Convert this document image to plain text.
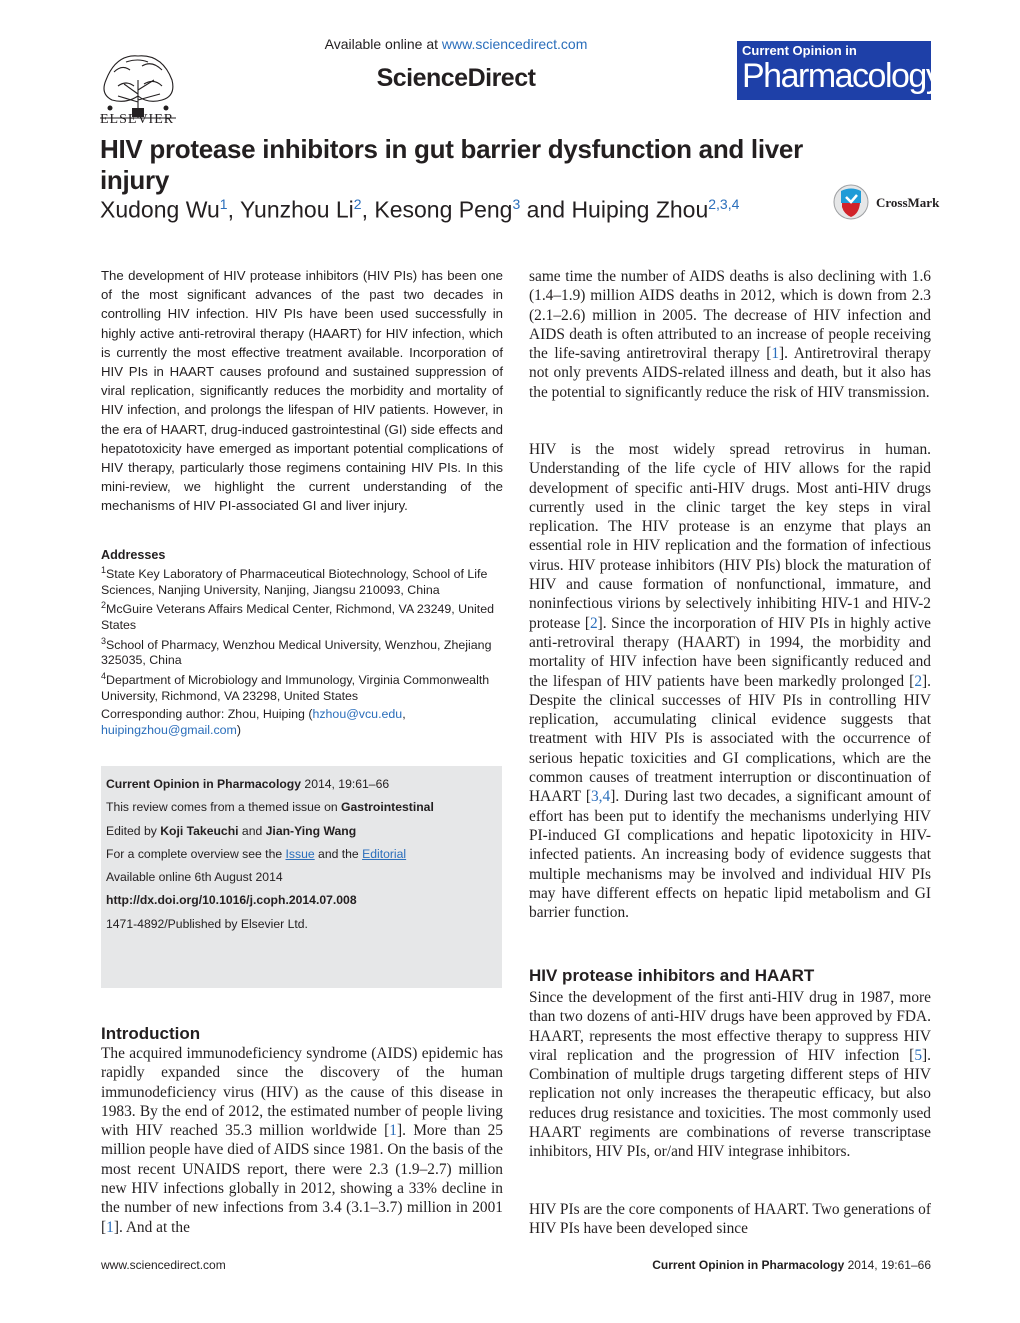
ELSEVIER
Available online at www.sciencedirect.com
ScienceDirect
Current Opinion in
Pharmacology
HIV protease inhibitors in gut barrier dysfunction and liver injury
Xudong Wu$^1$, Yunzhou Li$^2$, Kesong Peng$^3$ and Huiping Zhou$^{2,3,4}$	CrossMark
The development of HIV protease inhibitors (HIV PIs) has been one of the most significant advances of the past two decades in controlling HIV infection. HIV PIs have been used successfully in highly active anti-retroviral therapy (HAART) for HIV infection, which is currently the most effective treatment available. Incorporation of HIV PIs in HAART causes profound and sustained suppression of viral replication, significantly reduces the morbidity and mortality of HIV infection, and prolongs the lifespan of HIV patients. However, in the era of HAART, drug-induced gastrointestinal (GI) side effects and hepatotoxicity have emerged as important potential complications of HIV therapy, particularly those regimens containing HIV PIs. In this mini-review, we highlight the current understanding of the mechanisms of HIV PI-associated GI and liver injury.
Addresses

$^1$State Key Laboratory of Pharmaceutical Biotechnology, School of Life Sciences, Nanjing University, Nanjing, Jiangsu 210093, China

$^2$McGuire Veterans Affairs Medical Center, Richmond, VA 23249, United States

$^3$School of Pharmacy, Wenzhou Medical University, Wenzhou, Zhejiang 325035, China

$^4$Department of Microbiology and Immunology, Virginia Commonwealth University, Richmond, VA 23298, United States

Corresponding author: Zhou, Huiping (hzhou@vcu.edu,
huipingzhou@gmail.com)
Current Opinion in Pharmacology 2014, 19:61–66
This review comes from a themed issue on Gastrointestinal
Edited by Koji Takeuchi and Jian-Ying Wang
For a complete overview see the Issue and the Editorial
Available online 6th August 2014
http://dx.doi.org/10.1016/j.coph.2014.07.008
1471-4892/Published by Elsevier Ltd.
Introduction
The acquired immunodeficiency syndrome (AIDS) epidemic has rapidly expanded since the discovery of the human immunodeficiency virus (HIV) as the cause of this disease in 1983. By the end of 2012, the estimated number of people living with HIV reached 35.3 million worldwide [1]. More than 25 million people have died of AIDS since 1981. On the basis of the most recent UNAIDS report, there were 2.3 (1.9–2.7) million new HIV infections globally in 2012, showing a 33% decline in the number of new infections from 3.4 (3.1–3.7) million in 2001 [1]. And at the
same time the number of AIDS deaths is also declining with 1.6 (1.4–1.9) million AIDS deaths in 2012, which is down from 2.3 (2.1–2.6) million in 2005. The decrease of HIV infection and AIDS death is often attributed to an increase of people receiving the life-saving antiretroviral therapy [1]. Antiretroviral therapy not only prevents AIDS-related illness and death, but it also has the potential to significantly reduce the risk of HIV transmission.
HIV is the most widely spread retrovirus in human. Understanding of the life cycle of HIV allows for the rapid development of specific anti-HIV drugs. Most anti-HIV drugs currently used in the clinic target the key steps in viral replication. The HIV protease is an enzyme that plays an essential role in HIV replication and the formation of infectious virus. HIV protease inhibitors (HIV PIs) block the maturation of HIV and cause formation of nonfunctional, immature, and noninfectious virions by selectively inhibiting HIV-1 and HIV-2 protease [2]. Since the incorporation of HIV PIs in highly active anti-retroviral therapy (HAART) in 1994, the morbidity and mortality of HIV infection have been significantly reduced and the lifespan of HIV patients have been markedly prolonged [2]. Despite the clinical successes of HIV PIs in controlling HIV replication, accumulating clinical evidence suggests that treatment with HIV PIs is associated with the occurrence of serious hepatic toxicities and GI complications, which are the common causes of treatment interruption or discontinuation of HAART [3,4]. During last two decades, a significant amount of effort has been put to identify the mechanisms underlying HIV PI-induced GI complications and hepatic lipotoxicity in HIV-infected patients. An increasing body of evidence suggests that multiple mechanisms may be involved and individual HIV PIs may have different effects on hepatic lipid metabolism and GI barrier function.
HIV protease inhibitors and HAART
Since the development of the first anti-HIV drug in 1987, more than two dozens of anti-HIV drugs have been approved by FDA. HAART, represents the most effective therapy to suppress HIV viral replication and the progression of HIV infection [5]. Combination of multiple drugs targeting different steps of HIV replication not only increases the therapeutic efficacy, but also reduces drug resistance and toxicities. The most commonly used HAART regiments are combinations of reverse transcriptase inhibitors, HIV PIs, or/and HIV integrase inhibitors.
HIV PIs are the core components of HAART. Two generations of HIV PIs have been developed since
www.sciencedirect.com	Current Opinion in Pharmacology 2014, 19:61–66
